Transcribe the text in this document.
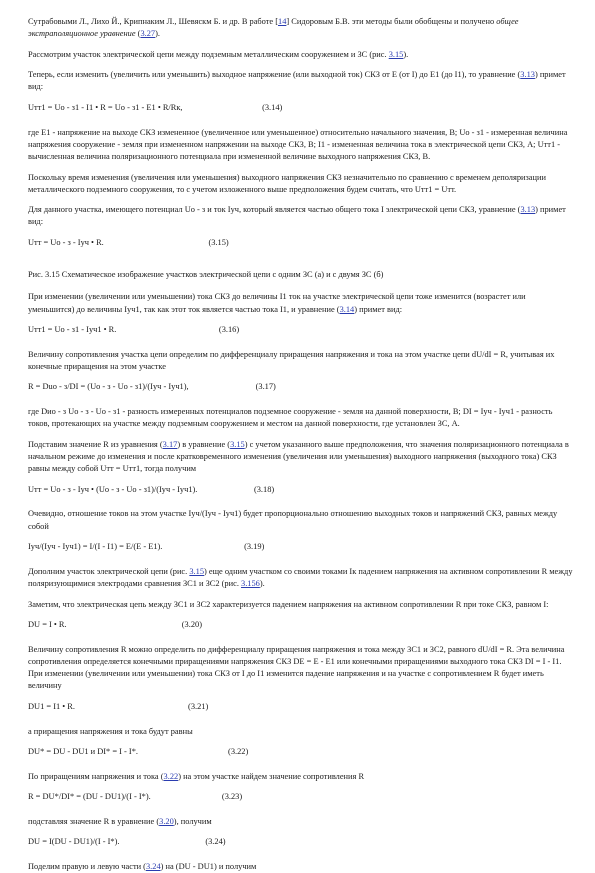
Сутрабовыми Л., Лихо Й., Крипнаким Л., Шевяскм Б. и др. В работе [14] Сидоровым Б.В. эти методы были обобщены и получено общее экстраполяционное уравнение (3.27).

Рассмотрим участок электрической цепи между подземным металлическим сооружением и ЗС (рис. 3.15).

Теперь, если изменить (увеличить или уменьшить) выходное напряжение (или выходной ток) СКЗ от Е (от I) до Е1 (до I1), то уравнение (3.13) примет вид:

Uтт1 = Uо - з1 - I1 • R = Uо - з1 - Е1 • R/Rк,	(3.14)

где Е1 - напряжение на выходе СКЗ измененное (увеличенное или уменьшенное) относительно начального значения, В; Uо - з1 - измеренная величина напряжения сооружение - земля при измененном напряжении на выходе СКЗ, В; I1 - измененная величина тока в электрической цепи СКЗ, А; Uтт1 - вычисленная величина поляризационного потенциала при измененной величине выходного напряжения СКЗ, В.

Поскольку время изменения (увеличения или уменьшения) выходного напряжения СКЗ незначительно по сравнению с временем деполяризации металлического подземного сооружения, то с учетом изложенного выше предположения будем считать, что Uтт1 = Uтт.

Для данного участка, имеющего потенциал Uо - з и ток Iуч, который является частью общего тока I электрической цепи СКЗ, уравнение (3.13) примет вид:

Uтт = Uо - з - Iуч • R.	(3.15)

Рис. 3.15 Схематическое изображение участков электрической цепи с одним ЗС (а) и с двумя ЗС (б)

При изменении (увеличении или уменьшении) тока СКЗ до величины I1 ток на участке электрической цепи тоже изменится (возрастет или уменьшится) до величины Iуч1, так как этот ток является частью тока I1, и уравнение (3.14) примет вид:

Uтт1 = Uо - з1 - Iуч1 • R.	(3.16)

Величину сопротивления участка цепи определим по дифференциалу приращения напряжения и тока на этом участке цепи dU/dI = R, учитывая их конечные приращения на этом участке

R = Duо - з/DI = (Uо - з - Uо - з1)/(Iуч - Iуч1),	(3.17)

где Dио - з Uо - з - Uо - з1 - разность измеренных потенциалов подземное сооружение - земля на данной поверхности, В; DI = Iуч - Iуч1 - разность токов, протекающих на участке между подземным сооружением и местом на данной поверхности, где установлен ЗС, А.

Подставим значение R из уравнения (3.17) в уравнение (3.15) с учетом указанного выше предположения, что значения поляризационного потенциала в начальном режиме до изменения и после кратковременного изменения (увеличения или уменьшения) выходного напряжения (выходного тока) СКЗ равны между собой Uтт = Uтт1, тогда получим

Uтт = Uо - з - Iуч • (Uо - з - Uо - з1)/(Iуч - Iуч1).	(3.18)

Очевидно, отношение токов на этом участке Iуч/(Iуч - Iуч1) будет пропорционально отношению выходных токов и напряжений СКЗ, равных между собой

Iуч/(Iуч - Iуч1) = I/(I - I1) = Е/(Е - Е1).	(3.19)

Дополним участок электрической цепи (рис. 3.15) еще одним участком со своими токами Iк падением напряжения на активном сопротивлении R между поляризующимися электродами сравнения ЗС1 и ЗС2 (рис. 3.156).

Заметим, что электрическая цепь между ЗС1 и ЗС2 характеризуется падением напряжения на активном сопротивлении R при токе СКЗ, равном I:

DU = I • R.	(3.20)

Величину сопротивления R можно определить по дифференциалу приращения напряжения и тока между ЗС1 и ЗС2, равного dU/dI = R. Эта величина сопротивления определяется конечными приращениями напряжения СКЗ DЕ = Е - Е1 или конечными приращениями выходного тока СКЗ DI = I - I1. При изменении (увеличении или уменьшении) тока СКЗ от I до I1 изменится падение напряжения и на участке с сопротивлением R будет иметь величину

DU1 = I1 • R.	(3.21)

а приращения напряжения и тока будут равны

DU* = DU - DU1 и DI* = I - I*.	(3.22)

По приращениям напряжения и тока (3.22) на этом участке найдем значение сопротивления R

R = DU*/DI* = (DU - DU1)/(I - I*).	(3.23)

подставляя значение R в уравнение (3.20), получим

DU = I(DU - DU1)/(I - I*).	(3.24)

Поделим правую и левую части (3.24) на (DU - DU1) и получим
